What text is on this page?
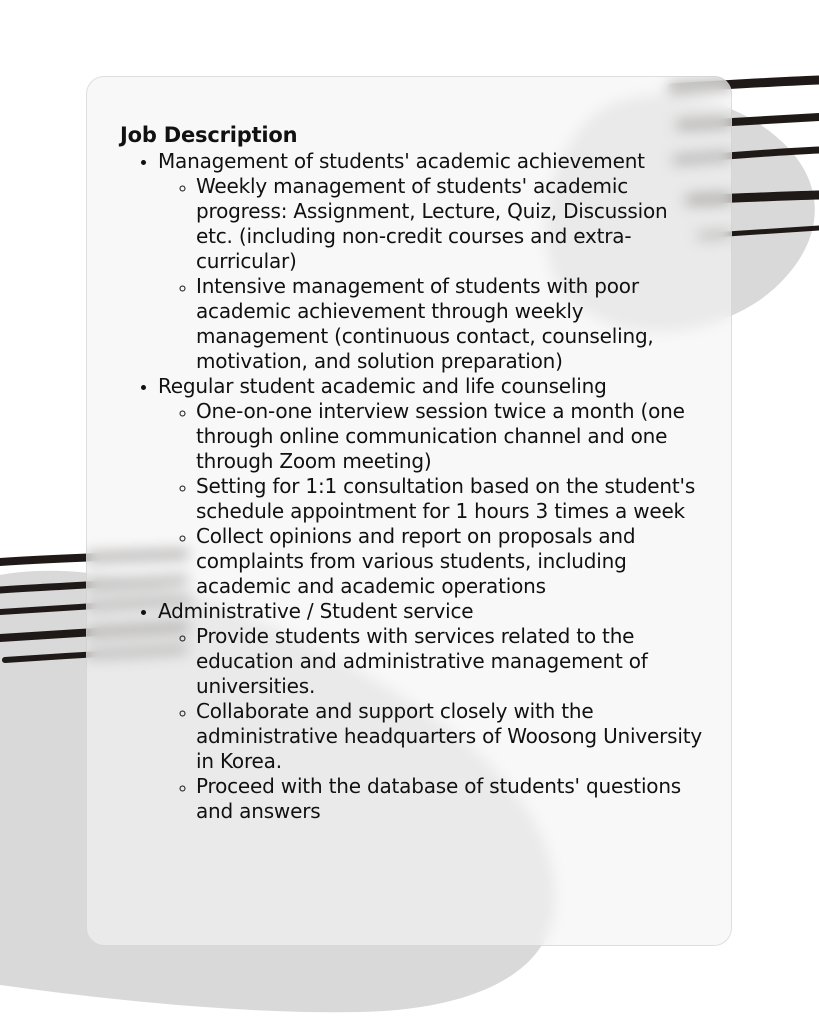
Job Description
• Management of students' academic achievement
◦ Weekly management of students' academic progress: Assignment, Lecture, Quiz, Discussion etc. (including non-credit courses and extra-curricular)
◦ Intensive management of students with poor academic achievement through weekly management (continuous contact, counseling, motivation, and solution preparation)
• Regular student academic and life counseling
◦ One-on-one interview session twice a month (one through online communication channel and one through Zoom meeting)
◦ Setting for 1:1 consultation based on the student's schedule appointment for 1 hours 3 times a week
◦ Collect opinions and report on proposals and complaints from various students, including academic and academic operations
• Administrative / Student service
◦ Provide students with services related to the education and administrative management of universities.
◦ Collaborate and support closely with the administrative headquarters of Woosong University in Korea.
◦ Proceed with the database of students' questions and answers
